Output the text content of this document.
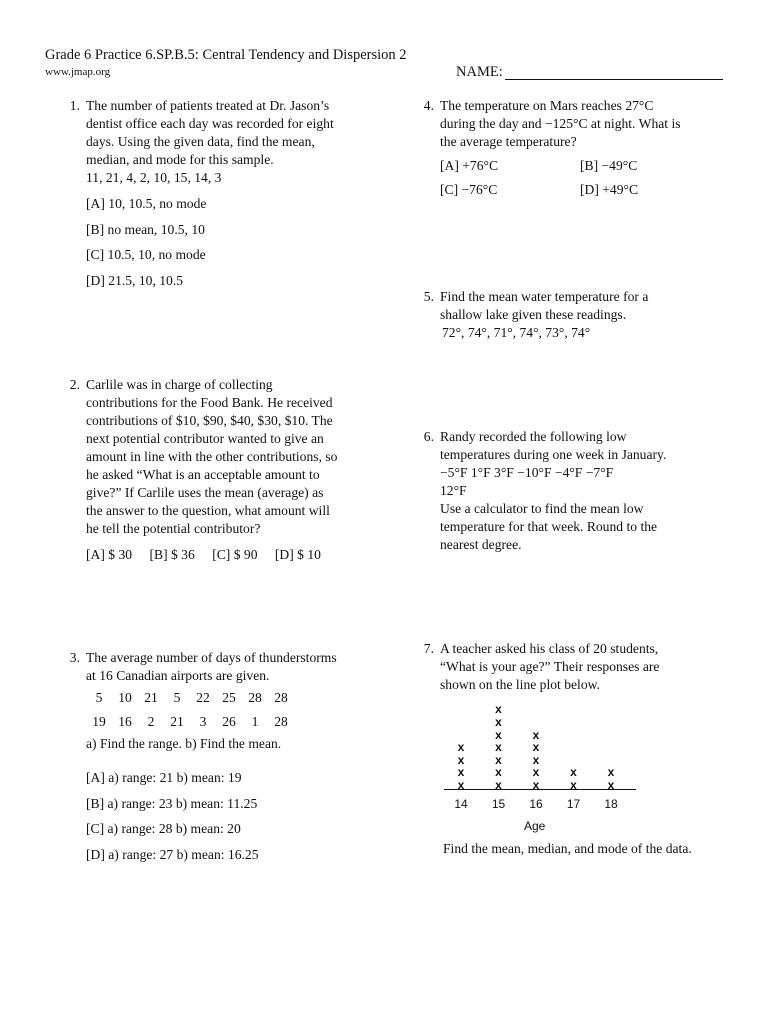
Grade 6 Practice 6.SP.B.5: Central Tendency and Dispersion 2
www.jmap.org	NAME:
1. The number of patients treated at Dr. Jason’s
dentist office each day was recorded for eight
days. Using the given data, find the mean,
median, and mode for this sample.
11, 21, 4, 2, 10, 15, 14, 3
[A] 10, 10.5, no mode
[B] no mean, 10.5, 10
[C] 10.5, 10, no mode
[D] 21.5, 10, 10.5
2. Carlile was in charge of collecting
contributions for the Food Bank. He received
contributions of $10, $90, $40, $30, $10. The
next potential contributor wanted to give an
amount in line with the other contributions, so
he asked “What is an acceptable amount to
give?” If Carlile uses the mean (average) as
the answer to the question, what amount will
he tell the potential contributor?
[A] $ 30 [B] $ 36 [C] $ 90 [D] $ 10
3. The average number of days of thunderstorms
at 16 Canadian airports are given.
5	10 21	5	22 25 28 28
19 16	2	21	3	26	1	28
a) Find the range. b) Find the mean.
[A] a) range: 21 b) mean: 19
[B] a) range: 23 b) mean: 11.25
[C] a) range: 28 b) mean: 20
[D] a) range: 27 b) mean: 16.25
4. The temperature on Mars reaches 27°C
during the day and −125°C at night. What is
the average temperature?
[A] +76°C	[B] −49°C
[C] −76°C	[D] +49°C
5. Find the mean water temperature for a
shallow lake given these readings.
72°, 74°, 71°, 74°, 73°, 74°
6. Randy recorded the following low
temperatures during one week in January.
−5°F 1°F 3°F −10°F −4°F −7°F
12°F
Use a calculator to find the mean low
temperature for that week. Round to the
nearest degree.
7. A teacher asked his class of 20 students,
“What is your age?” Their responses are
shown on the line plot below.
Age
x
x
x
x
14
x
x
x
x
x
x
x
15
x
x
x
x
x
16
x
x
17
x
x
18
Find the mean, median, and mode of the data.
